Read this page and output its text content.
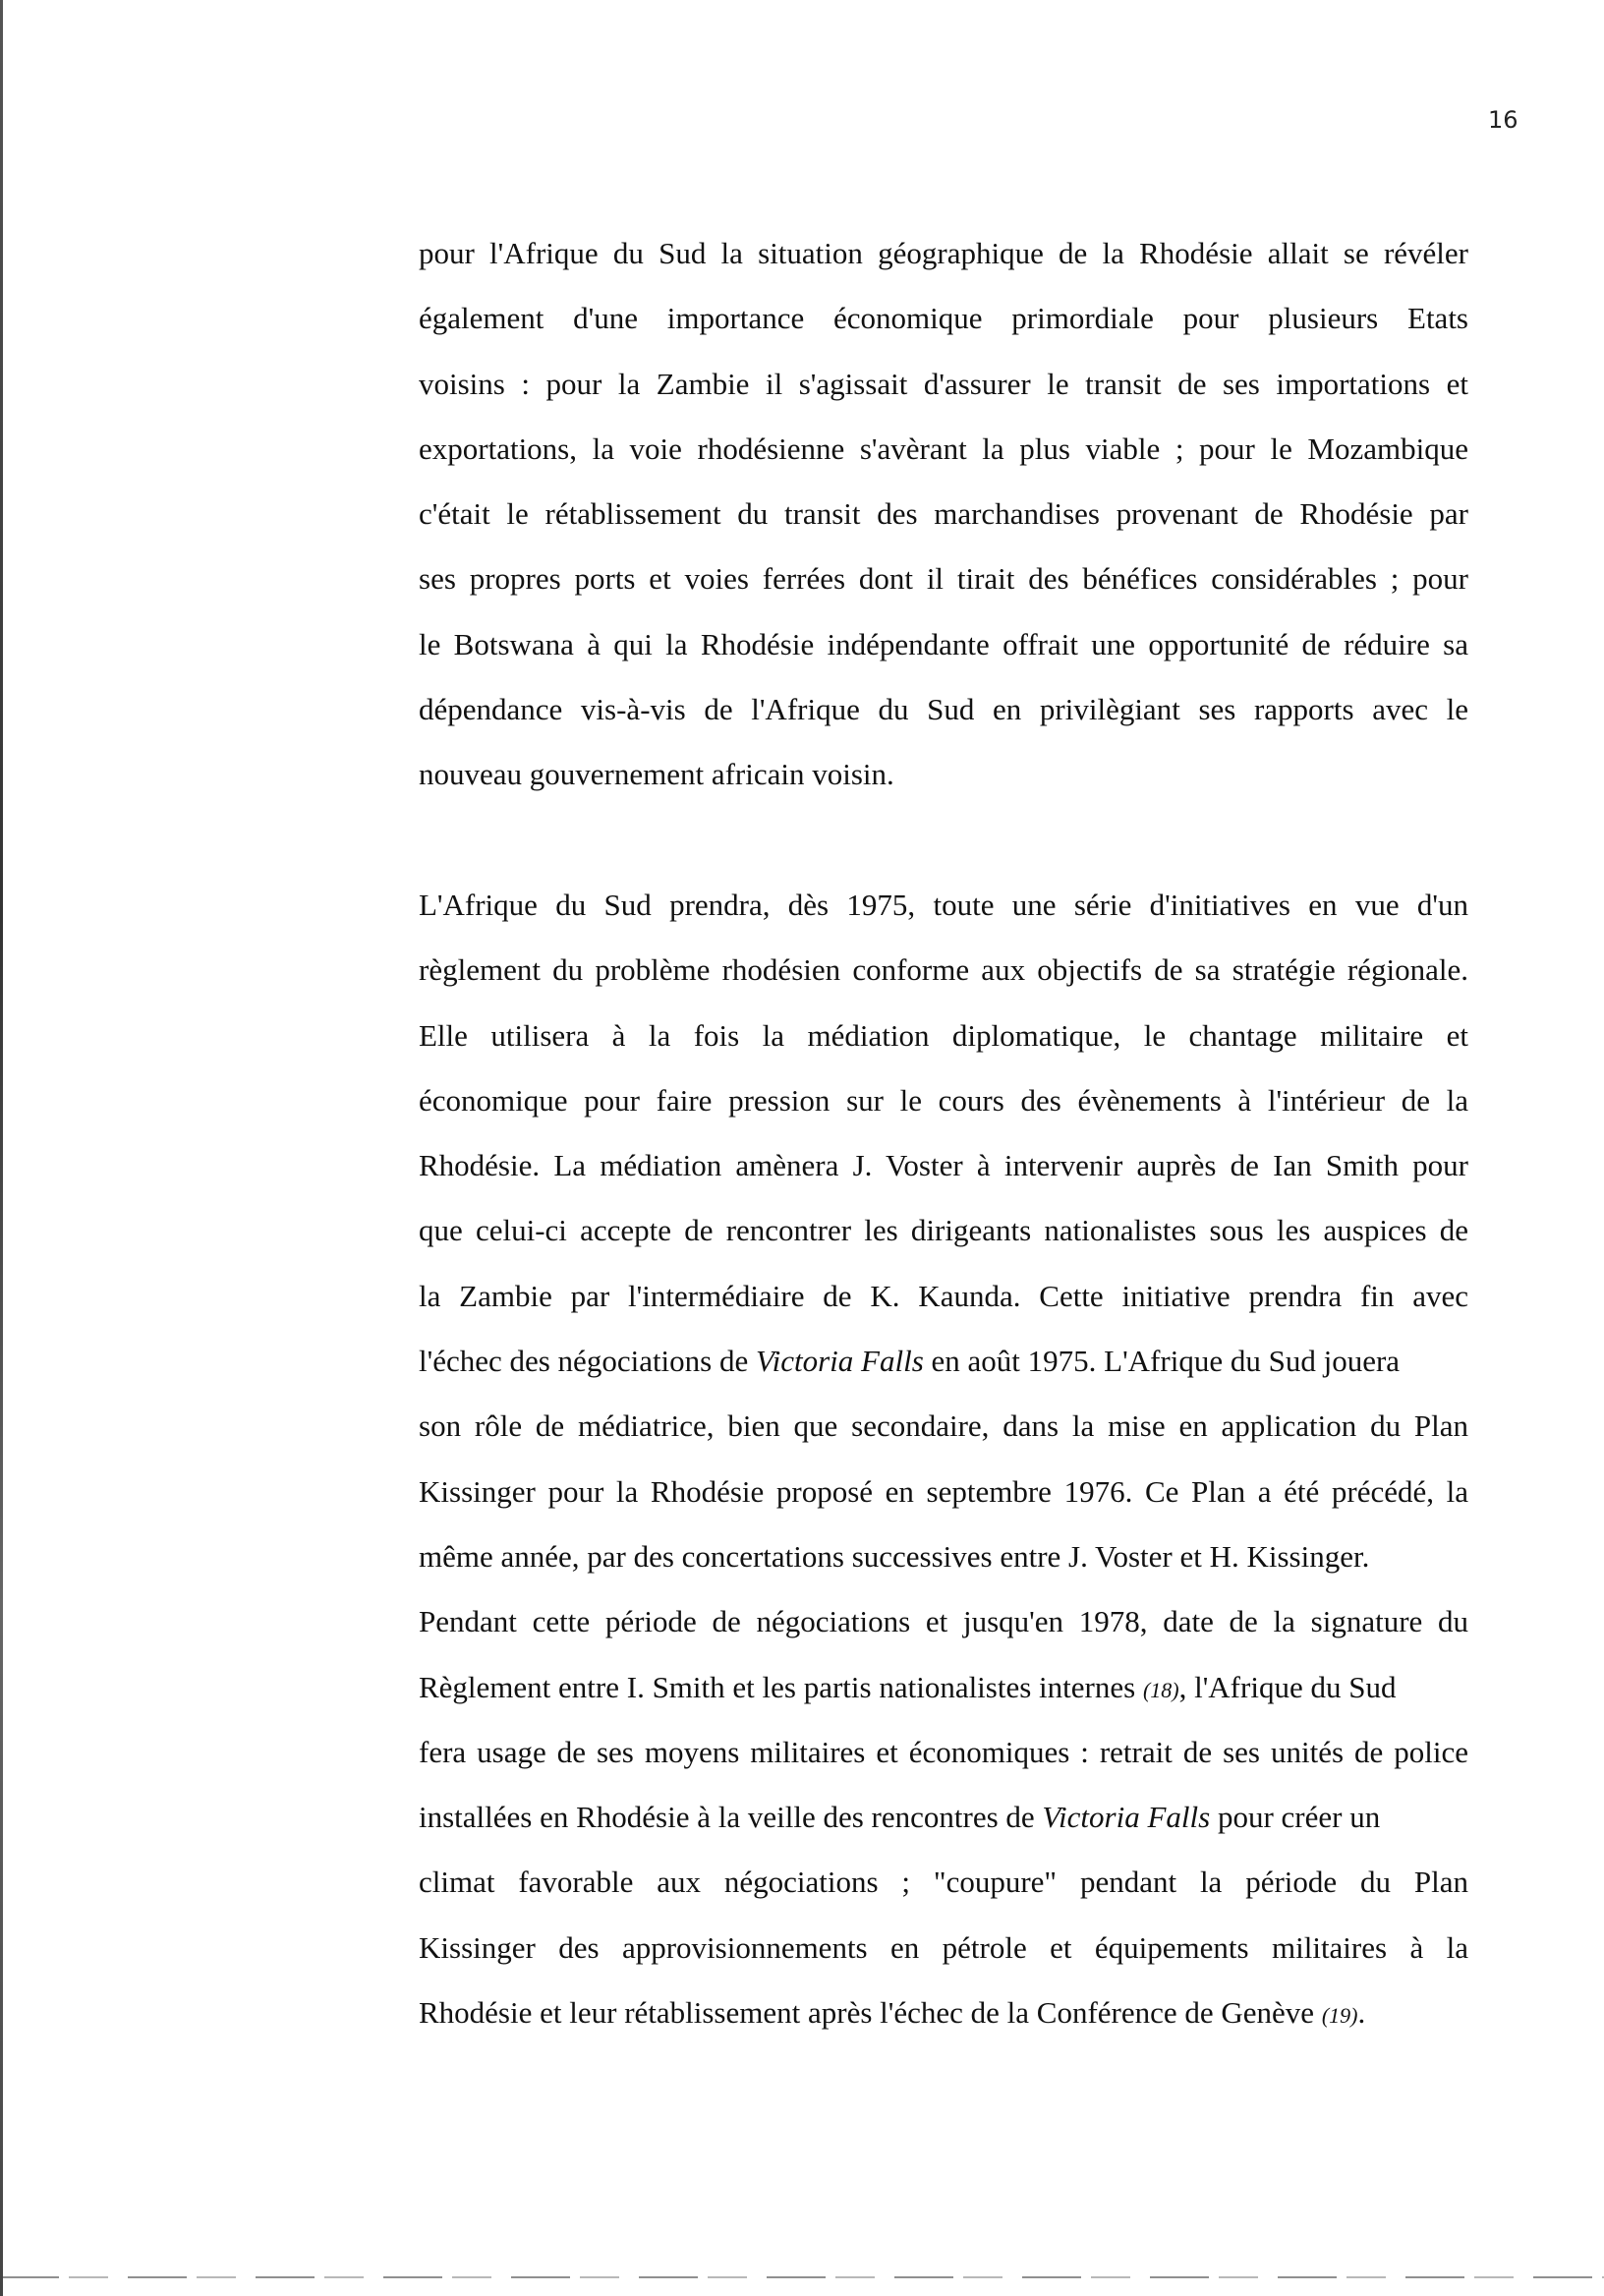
16
pour l'Afrique du Sud la situation géographique de la Rhodésie allait se révéler
également d'une importance économique primordiale pour plusieurs Etats
voisins : pour la Zambie il s'agissait d'assurer le transit de ses importations et
exportations, la voie rhodésienne s'avèrant la plus viable ; pour le Mozambique
c'était le rétablissement du transit des marchandises provenant de Rhodésie par
ses propres ports et voies ferrées dont il tirait des bénéfices considérables ; pour
le Botswana à qui la Rhodésie indépendante offrait une opportunité de réduire sa
dépendance vis-à-vis de l'Afrique du Sud en privilègiant ses rapports avec le
nouveau gouvernement africain voisin.
L'Afrique du Sud prendra, dès 1975, toute une série d'initiatives en vue d'un
règlement du problème rhodésien conforme aux objectifs de sa stratégie régionale.
Elle utilisera à la fois la médiation diplomatique, le chantage militaire et
économique pour faire pression sur le cours des évènements à l'intérieur de la
Rhodésie. La médiation amènera J. Voster à intervenir auprès de Ian Smith pour
que celui-ci accepte de rencontrer les dirigeants nationalistes sous les auspices de
la Zambie par l'intermédiaire de K. Kaunda. Cette initiative prendra fin avec
l'échec des négociations de Victoria Falls en août 1975. L'Afrique du Sud jouera
son rôle de médiatrice, bien que secondaire, dans la mise en application du Plan
Kissinger pour la Rhodésie proposé en septembre 1976. Ce Plan a été précédé, la
même année, par des concertations successives entre J. Voster et H. Kissinger.
Pendant cette période de négociations et jusqu'en 1978, date de la signature du
Règlement entre I. Smith et les partis nationalistes internes (18), l'Afrique du Sud
fera usage de ses moyens militaires et économiques : retrait de ses unités de police
installées en Rhodésie à la veille des rencontres de Victoria Falls pour créer un
climat favorable aux négociations ; "coupure" pendant la période du Plan
Kissinger des approvisionnements en pétrole et équipements militaires à la
Rhodésie et leur rétablissement après l'échec de la Conférence de Genève (19).
